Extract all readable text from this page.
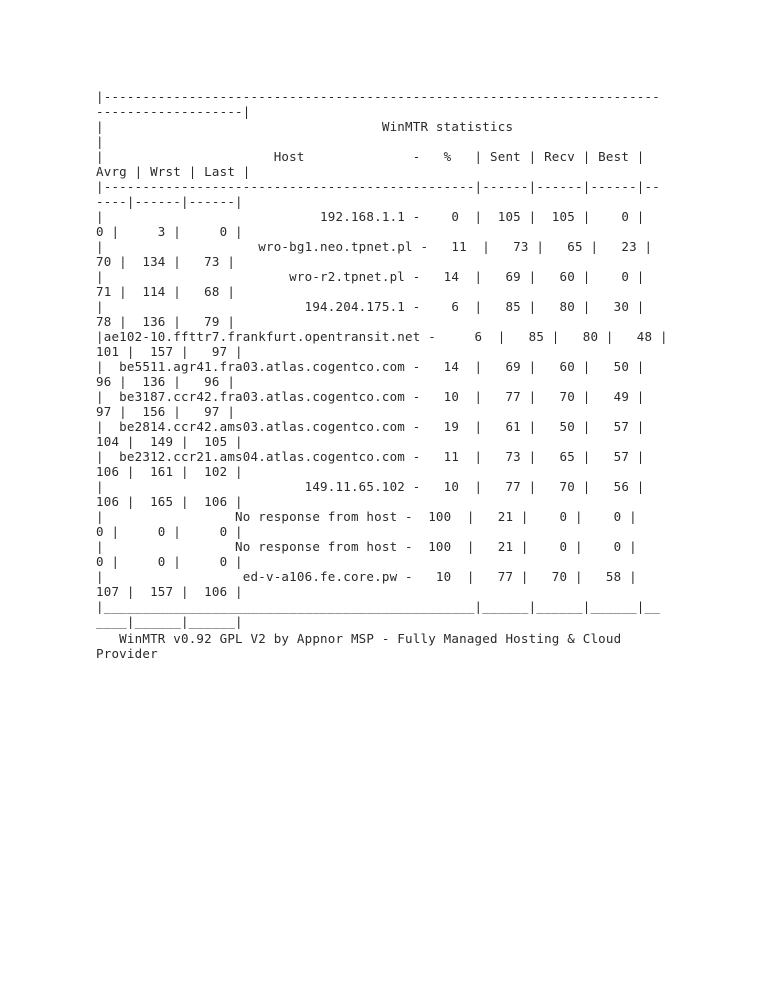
|------------------------------------------------------------------------
-------------------|
|                                    WinMTR statistics
|
|                      Host              -   %   | Sent | Recv | Best |
Avrg | Wrst | Last |
|------------------------------------------------|------|------|------|--
----|------|------|
|                            192.168.1.1 -    0  |  105 |  105 |    0 |
0 |     3 |     0 |
|                    wro-bg1.neo.tpnet.pl -   11  |   73 |   65 |   23 |
70 |  134 |   73 |
|                        wro-r2.tpnet.pl -   14  |   69 |   60 |    0 |
71 |  114 |   68 |
|                          194.204.175.1 -    6  |   85 |   80 |   30 |
78 |  136 |   79 |
|ae102-10.ffttr7.frankfurt.opentransit.net -     6  |   85 |   80 |   48 |
101 |  157 |   97 |
|  be5511.agr41.fra03.atlas.cogentco.com -   14  |   69 |   60 |   50 |
96 |  136 |   96 |
|  be3187.ccr42.fra03.atlas.cogentco.com -   10  |   77 |   70 |   49 |
97 |  156 |   97 |
|  be2814.ccr42.ams03.atlas.cogentco.com -   19  |   61 |   50 |   57 |
104 |  149 |  105 |
|  be2312.ccr21.ams04.atlas.cogentco.com -   11  |   73 |   65 |   57 |
106 |  161 |  102 |
|                          149.11.65.102 -   10  |   77 |   70 |   56 |
106 |  165 |  106 |
|                 No response from host -  100  |   21 |    0 |    0 |
0 |     0 |     0 |
|                 No response from host -  100  |   21 |    0 |    0 |
0 |     0 |     0 |
|                  ed-v-a106.fe.core.pw -   10  |   77 |   70 |   58 |
107 |  157 |  106 |
|________________________________________________|______|______|______|__
____|______|______|
WinMTR v0.92 GPL V2 by Appnor MSP - Fully Managed Hosting & Cloud
Provider
